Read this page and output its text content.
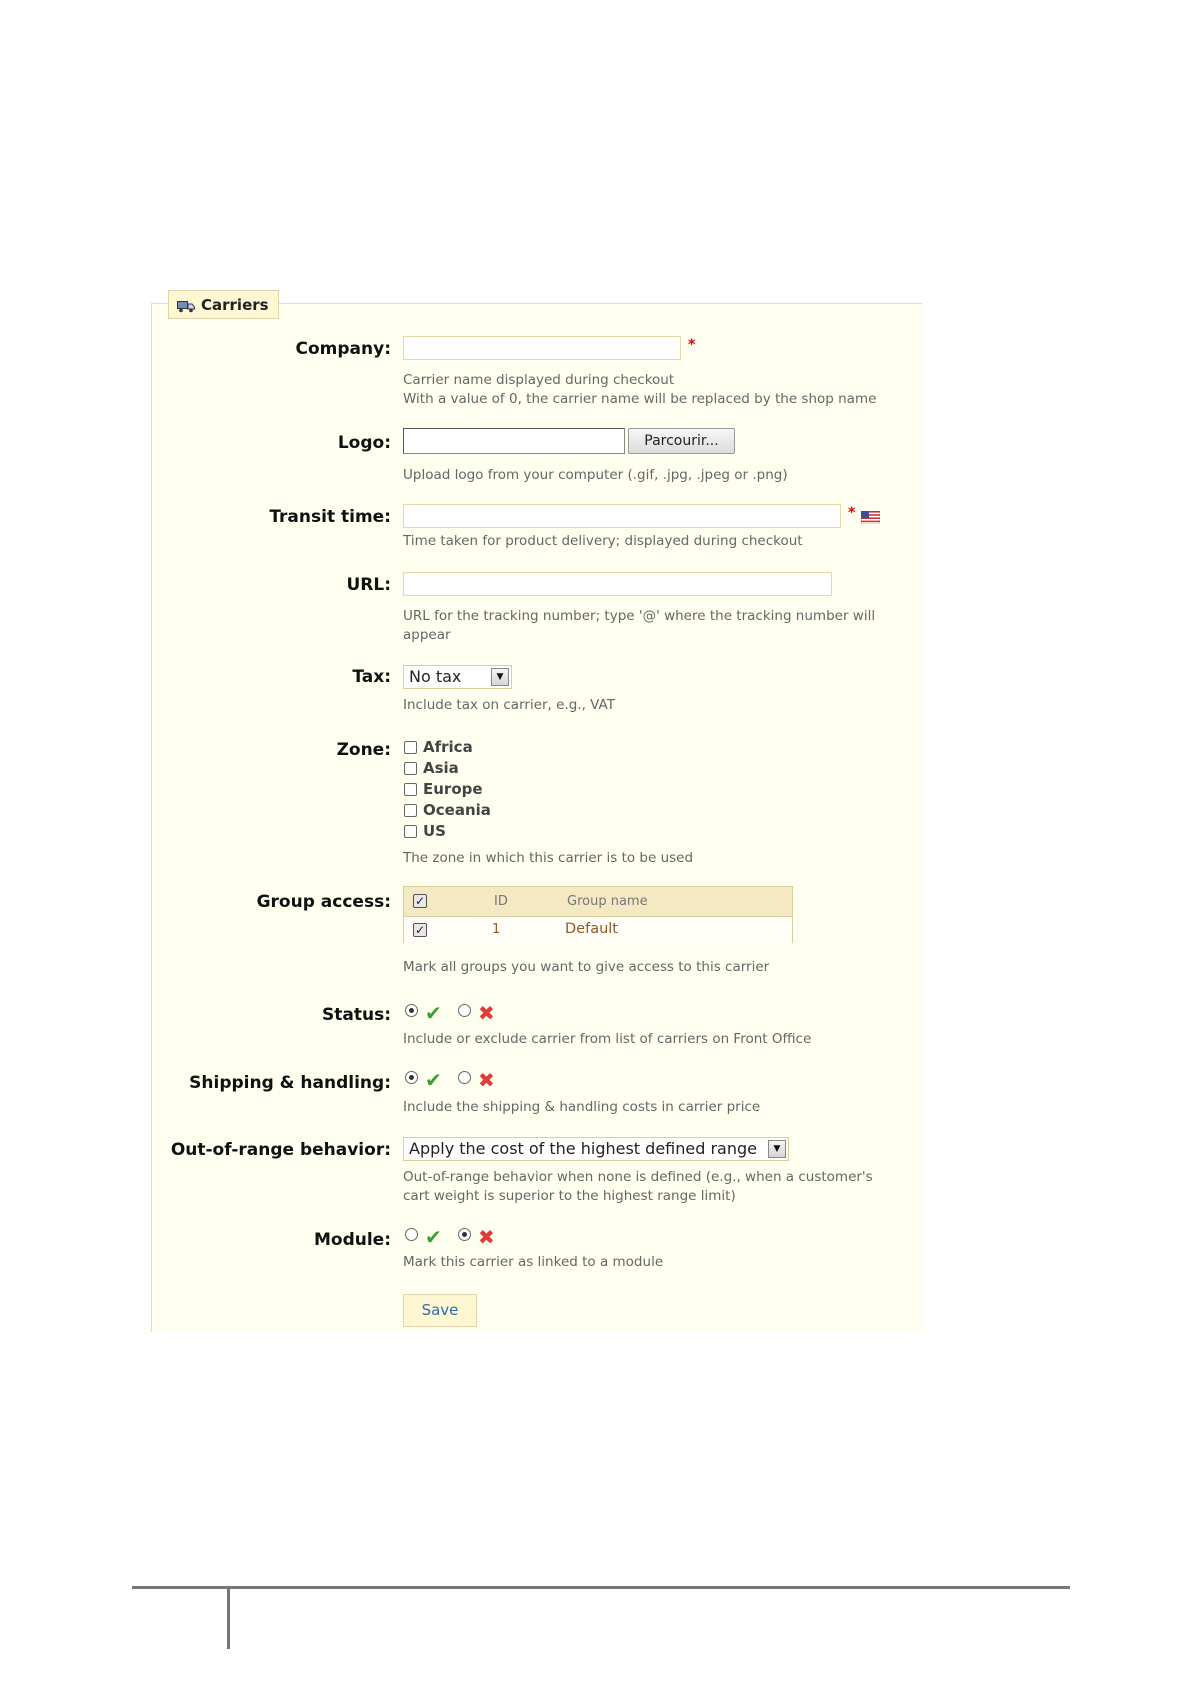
Carriers
Company:	*
Carrier name displayed during checkout
With a value of 0, the carrier name will be replaced by the shop name
Logo:	Parcourir...
Upload logo from your computer (.gif, .jpg, .jpeg or .png)
Transit time:	*
Time taken for product delivery; displayed during checkout
URL:
URL for the tracking number; type '@' where the tracking number will
appear
Tax:	No tax	▼
Include tax on carrier, e.g., VAT
Zone: Africa
Asia
Europe
Oceania
US
The zone in which this carrier is to be used
Group access: ✓	ID	Group name
✓	1	Default
Mark all groups you want to give access to this carrier
Status: ✔ ✖
Include or exclude carrier from list of carriers on Front Office
Shipping & handling: ✔ ✖
Include the shipping & handling costs in carrier price
Out-of-range behavior:	Apply the cost of the highest defined range	▼
Out-of-range behavior when none is defined (e.g., when a customer's
cart weight is superior to the highest range limit)
Module: ✔ ✖
Mark this carrier as linked to a module
Save
